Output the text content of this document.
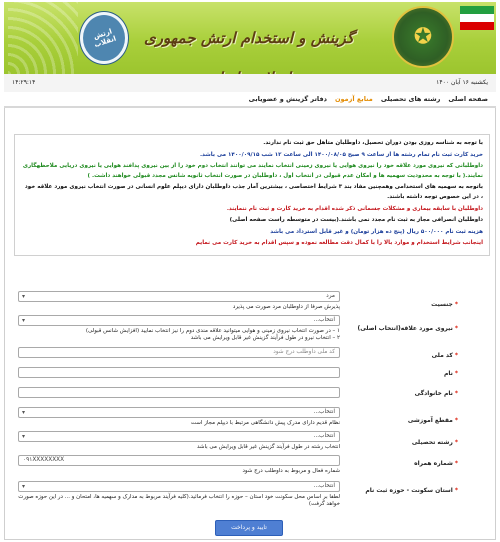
ارتش انقلاب	گزینش و استخدام ارتش جمهوری	✪
یکشنبه ۱۶ آبان ۱۴۰۰
۱۴:۲۹:۱۴
صفحه اصلی
رشته های تحصیلی
منابع آزمون
دفاتر گزینش و عضویابی

با توجه به شناسه روزی بودن دوران تحصیل، داوطلبان متاهل حق ثبت نام ندارند.

خرید کارت ثبت نام تمام رشته ها از ساعت ۹ صبح ۱۴۰۰/۰۸/۰۵ الی ساعت ۱۲ شب ۱۴۰۰/۰۹/۱۵ می باشد.

داوطلبانی که نیروی مورد علاقه خود را نیروی هوایی یا نیروی زمینی انتخاب نمایند می توانند انتخاب دوم خود را از بین نیروی پدافند هوایی یا نیروی دریایی ملاحظهگاری نمایند.( با توجه به محدودیت سهمیه ها و امکان عدم قبولی در انتخاب اول ، داوطلبان در صورت انتخاب ثانویه شانس مجدد قبولی خواهند داشت. )

باتوجه به سهمیه های استخدامی وهمچنین مفاد بند ۳ شرایط اختصاصی ، بیشترین آمار جذب داوطلبان دارای دیپلم علوم انسانی در صورت انتخاب نیروی مورد علاقه خود ، در این خصوص توجه داشته باشند.

داوطلبان با سابقه بیماری و مشکلات جسمانی ذکر شده اقدام به خرید کارت و ثبت نام ننمایند.

داوطلبان انصرافی مجاز به ثبت نام مجدد نمی باشند.(بیست در متوسطه راست صفحه اصلی)

هزینه ثبت نام ۵۰۰/۰۰۰ ریال (پنج ده هزار تومان) و غیر قابل استرداد می باشد

اینجانب شرایط استخدام و موارد بالا را با کمال دقت مطالعه نموده و سپس اقدام به خرید کارت می نمایم

مرد ▾
پذیرش صرفا از داوطلبان مرد صورت می پذیرد	*جنسیت
انتخاب... ▾
۱ – در صورت انتخاب نیروی زمینی و هوایی میتوانید علاقه مندی دوم را نیز انتخاب نمایید (افزایش شانس قبولی)
۲ – انتخاب نیرو در طول فرآیند گزینش غیر قابل ویرایش می باشد
*نیروی مورد علاقه(انتخاب اصلی)
کد ملی داوطلب درج شود	*کد ملی
*نام
*نام خانوادگی
انتخاب... ▾
نظام قدیم دارای مدرک پیش دانشگاهی مرتبط با دیپلم مجاز است	*مقطع آموزشی
انتخاب... ▾
انتخاب رشته در طول فرآیند گزینش غیر قابل ویرایش می باشد
*رشته تحصیلی
۰۹۱XXXXXXXX
شماره فعال و مربوط به داوطلب درج شود
*شماره همراه
انتخاب... ▾
لطفا بر اساس محل سکونت خود استان – حوزه را انتخاب فرمائید.(کلیه فرآیند مربوط به مدارک و سهمیه ها، امتحان و ... در این حوزه صورت خواهد گرفت)
*استان سکونت - حوزه ثبت نام
تایید و پرداخت
